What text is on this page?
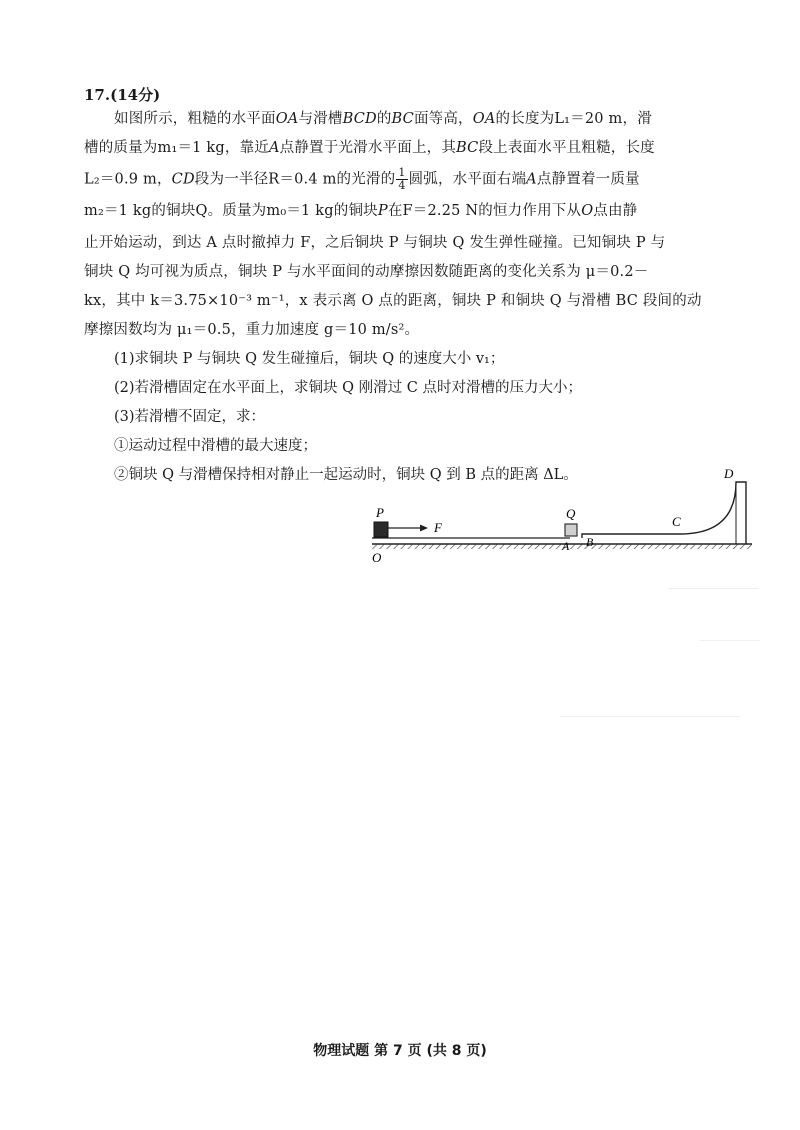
17.(14分)
如图所示，粗糙的水平面OA与滑槽BCD的BC面等高，OA的长度为L₁＝20 m，滑
槽的质量为m₁＝1 kg，靠近A点静置于光滑水平面上，其BC段上表面水平且粗糙，长度
L₂＝0.9 m，CD段为一半径R＝0.4 m的光滑的 $\frac{1}{4}$ 圆弧，水平面右端A点静置着一质量
m₂＝1 kg的铜块Q。质量为m₀＝1 kg的铜块P在F＝2.25 N的恒力作用下从O点由静
止开始运动，到达 A 点时撤掉力 F，之后铜块 P 与铜块 Q 发生弹性碰撞。已知铜块 P 与
铜块 Q 均可视为质点，铜块 P 与水平面间的动摩擦因数随距离的变化关系为 μ＝0.2－
kx，其中 k＝3.75×10⁻³ m⁻¹，x 表示离 O 点的距离，铜块 P 和铜块 Q 与滑槽 BC 段间的动
摩擦因数均为 μ₁＝0.5，重力加速度 g＝10 m/s²。
(1)求铜块 P 与铜块 Q 发生碰撞后，铜块 Q 的速度大小 v₁；
(2)若滑槽固定在水平面上，求铜块 Q 刚滑过 C 点时对滑槽的压力大小；
(3)若滑槽不固定，求：
①运动过程中滑槽的最大速度；
②铜块 Q 与滑槽保持相对静止一起运动时，铜块 Q 到 B 点的距离 ΔL。
P
F
O
Q
A B
C
D
物理试题 第 7 页 (共 8 页)
